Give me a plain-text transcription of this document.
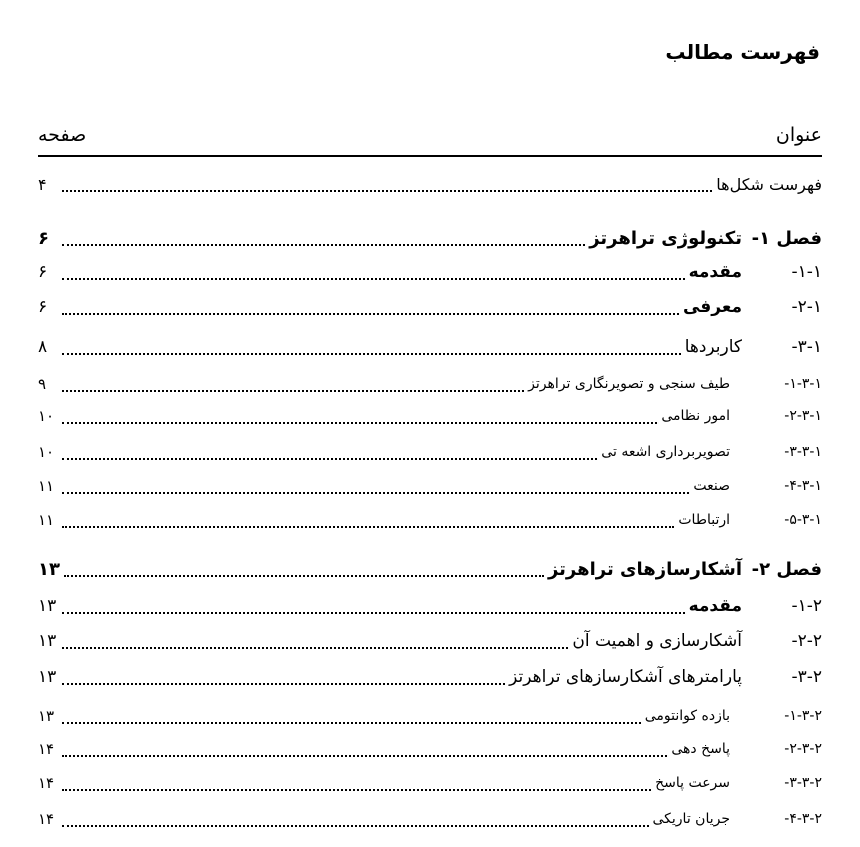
فهرست مطالب
عنوان
صفحه
فهرست شکل‌ها
۴
فصل ۱-
تکنولوژی تراهرتز
۶
۱-۱-
مقدمه
۶
۲-۱-
معرفی
۶
۳-۱-
کاربردها
۸
۱-۳-۱-
طیف سنجی و تصویرنگاری تراهرتز
۹
۲-۳-۱-
امور نظامی
۱۰
۳-۳-۱-
تصویربرداری اشعه تی
۱۰
۴-۳-۱-
صنعت
۱۱
۵-۳-۱-
ارتباطات
۱۱
فصل ۲-
آشکارسازهای تراهرتز
۱۳
۱-۲-
مقدمه
۱۳
۲-۲-
آشکارسازی و اهمیت آن
۱۳
۳-۲-
پارامترهای آشکارسازهای تراهرتز
۱۳
۱-۳-۲-
بازده کوانتومی
۱۳
۲-۳-۲-
پاسخ دهی
۱۴
۳-۳-۲-
سرعت پاسخ
۱۴
۴-۳-۲-
جریان تاریکی
۱۴
